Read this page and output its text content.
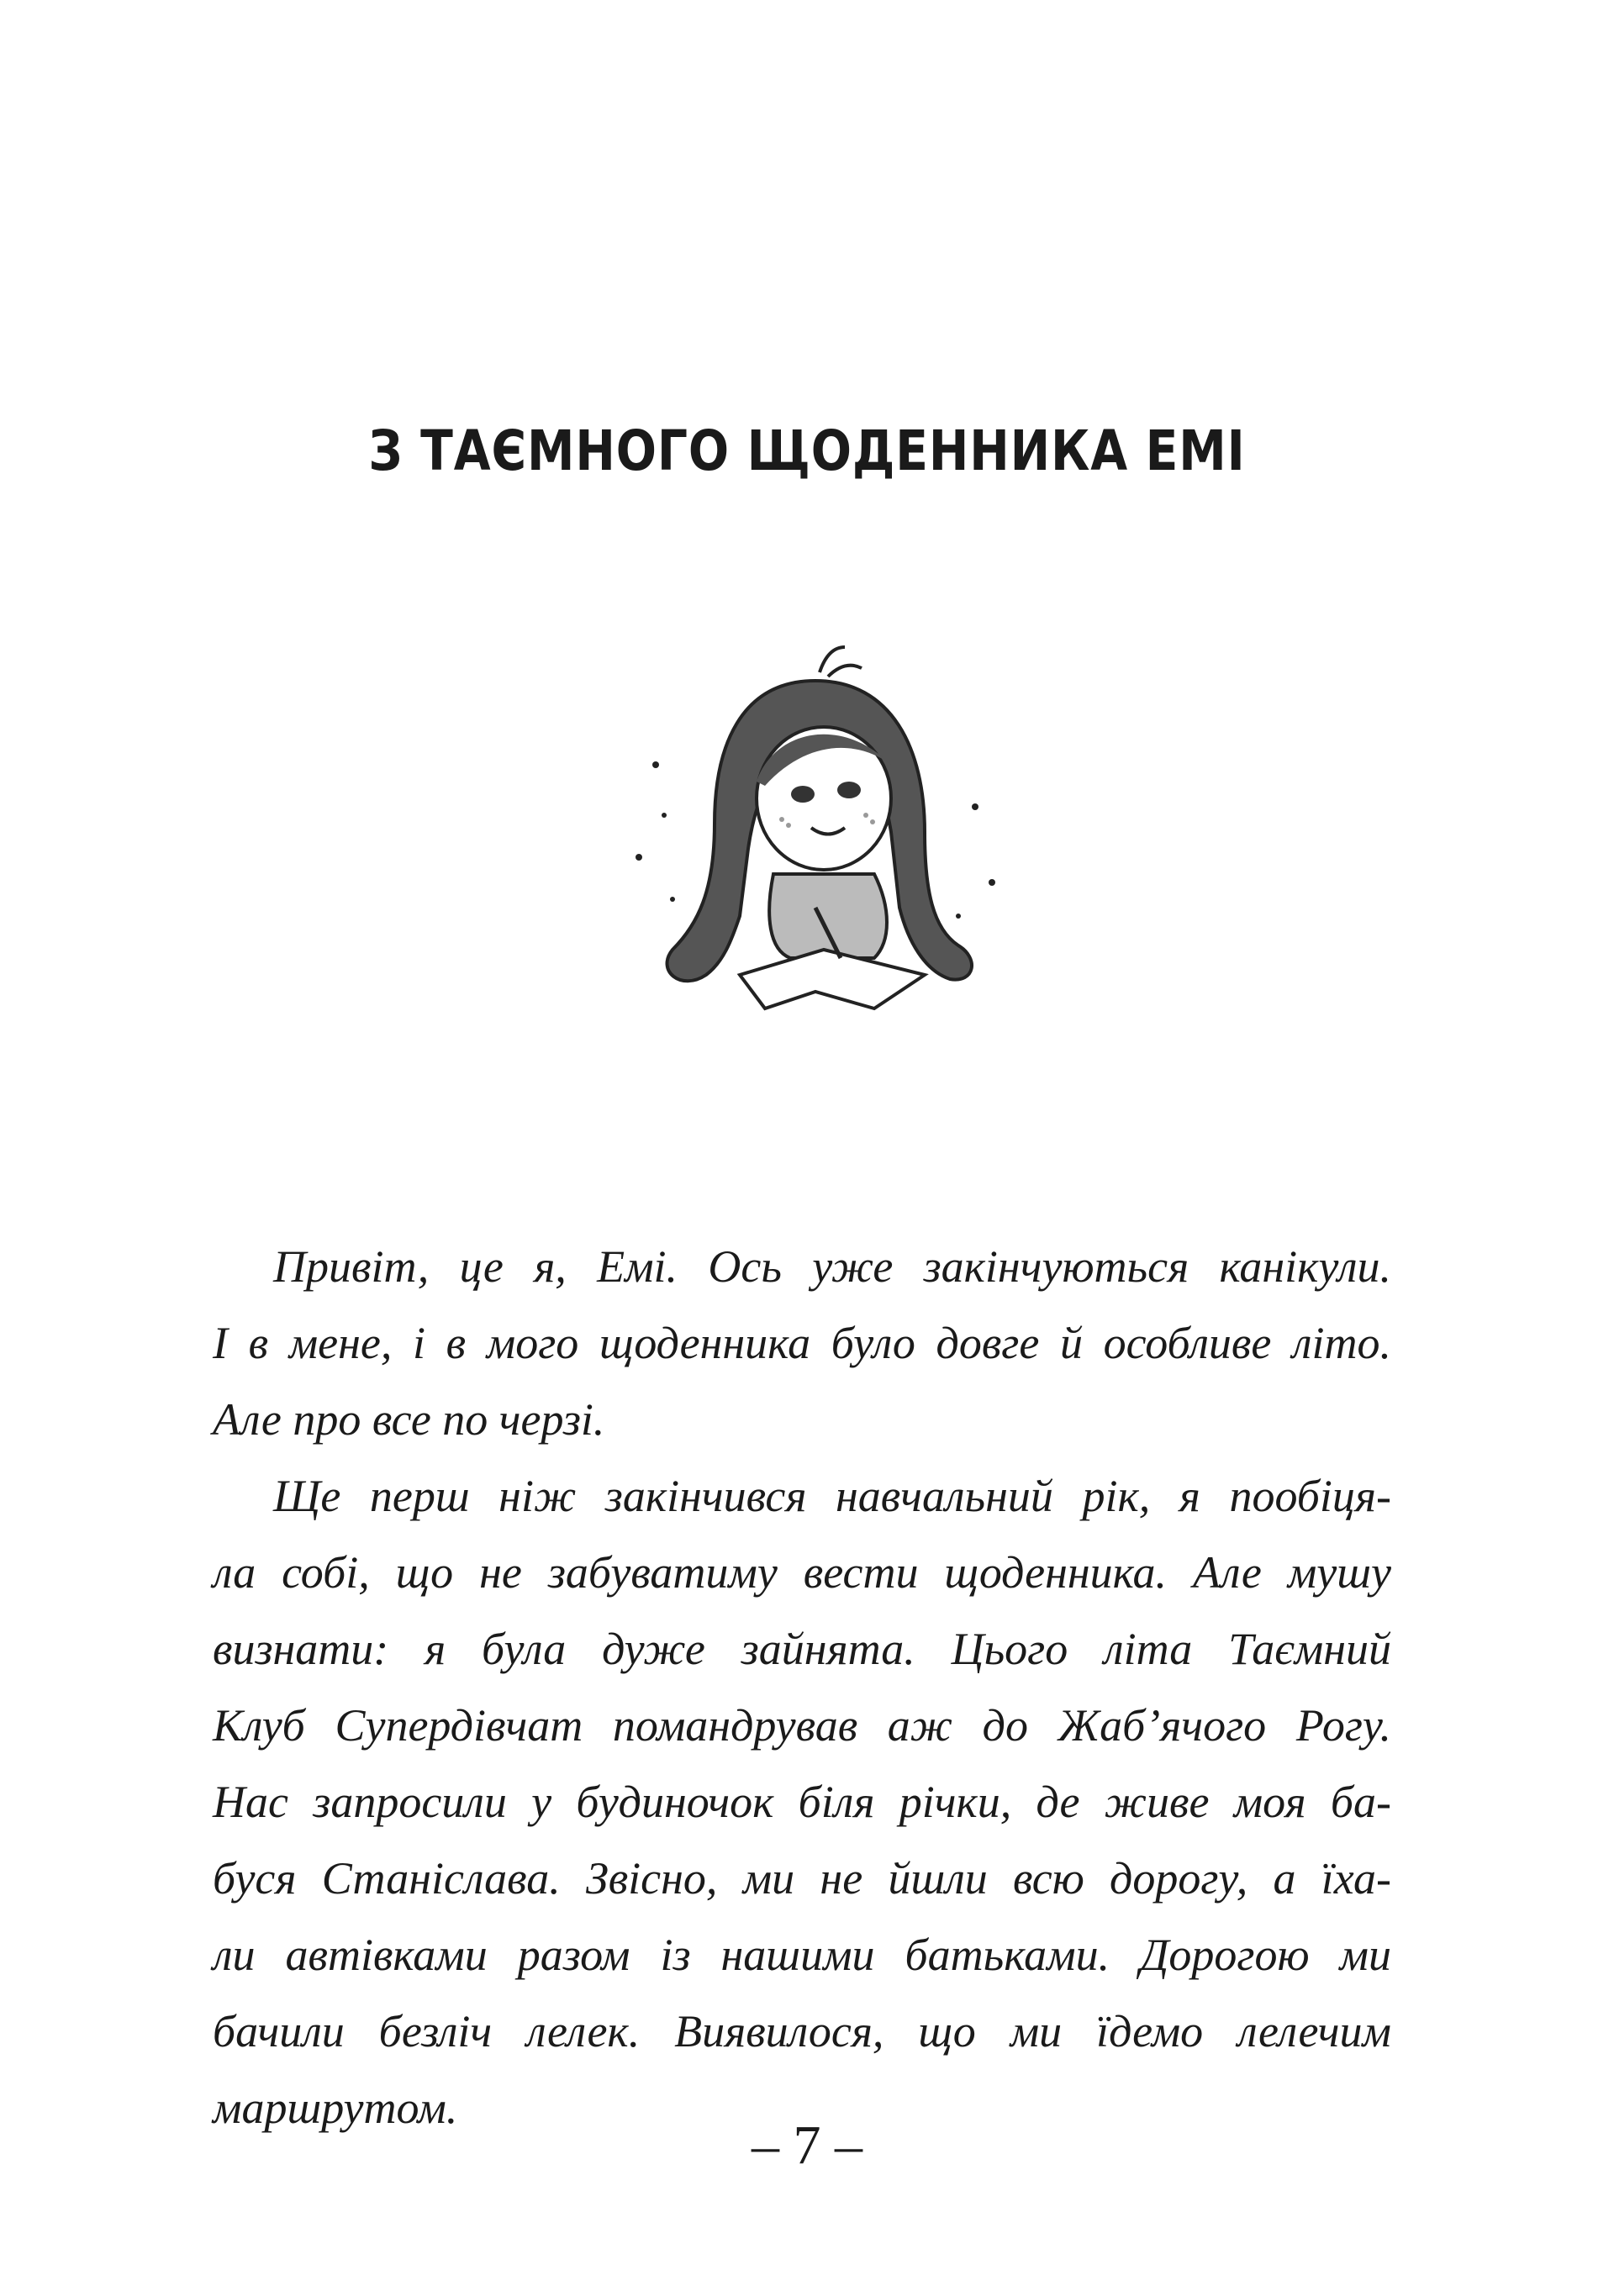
З ТАЄМНОГО ЩОДЕННИКА ЕМІ
Привіт, це я, Емі. Ось уже закінчуються канікули.
І в мене, і в мого щоденника було довге й особливе літо.
Але про все по черзі.
Ще перш ніж закінчився навчальний рік, я пообіця-
ла собі, що не забуватиму вести щоденника. Але мушу
визнати: я була дуже зайнята. Цього літа Таємний
Клуб Супердівчат помандрував аж до Жаб’ячого Рогу.
Нас запросили у будиночок біля річки, де живе моя ба-
буся Станіслава. Звісно, ми не йшли всю дорогу, а їха-
ли автівками разом із нашими батьками. Дорогою ми
бачили безліч лелек. Виявилося, що ми їдемо лелечим
маршрутом.
– 7 –
